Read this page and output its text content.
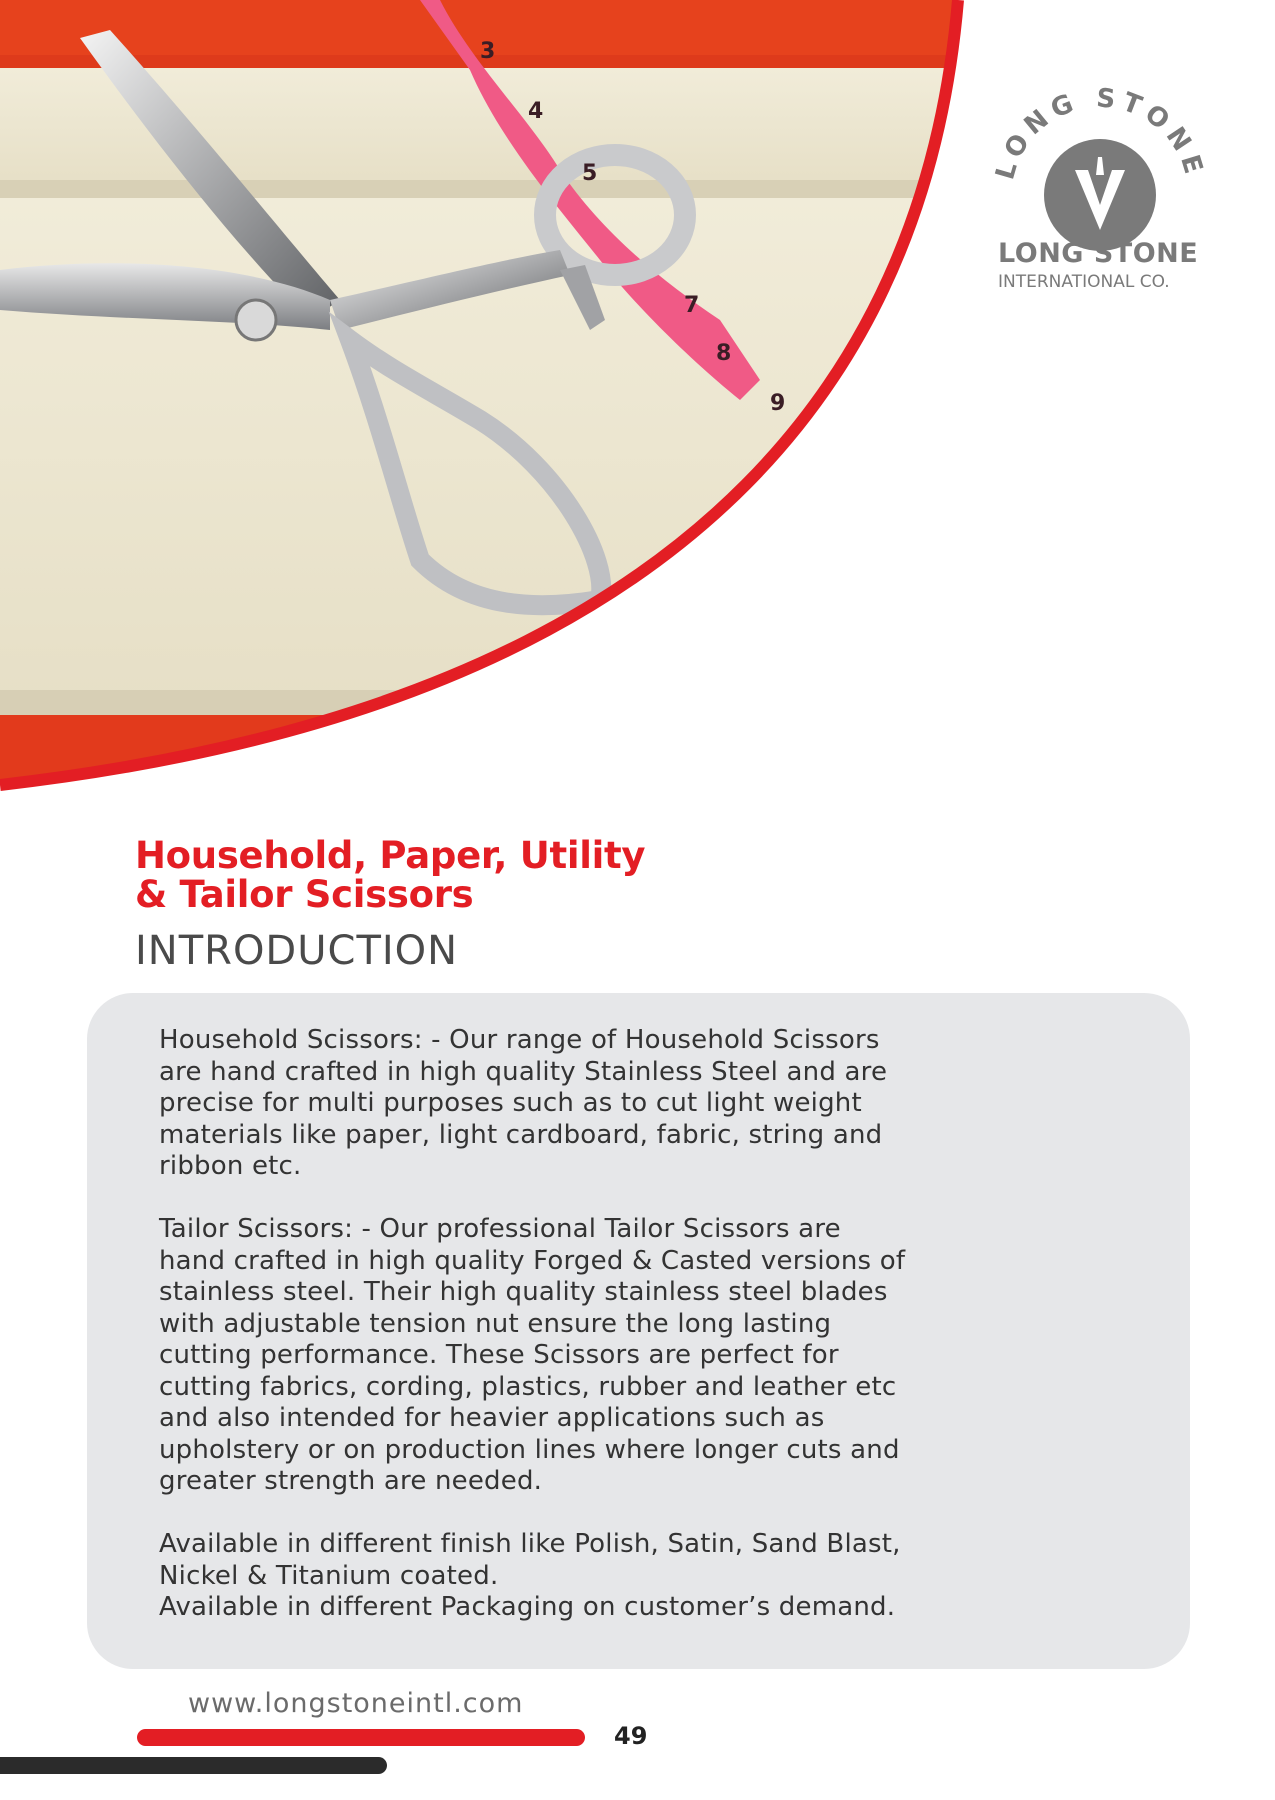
3
4
5
7
8
9
LONG STONE
LONG STONE
INTERNATIONAL CO.
Household, Paper, Utility
& Tailor Scissors
INTRODUCTION

Household Scissors: - Our range of Household Scissors
are hand crafted in high quality Stainless Steel and are
precise for multi purposes such as to cut light weight
materials like paper, light cardboard, fabric, string and
ribbon etc.

Tailor Scissors: - Our professional Tailor Scissors are
hand crafted in high quality Forged & Casted versions of
stainless steel. Their high quality stainless steel blades
with adjustable tension nut ensure the long lasting
cutting performance. These Scissors are perfect for
cutting fabrics, cording, plastics, rubber and leather etc
and also intended for heavier applications such as
upholstery or on production lines where longer cuts and
greater strength are needed.

Available in different finish like Polish, Satin, Sand Blast,
Nickel & Titanium coated.
Available in different Packaging on customer’s demand.

www.longstoneintl.com
49
